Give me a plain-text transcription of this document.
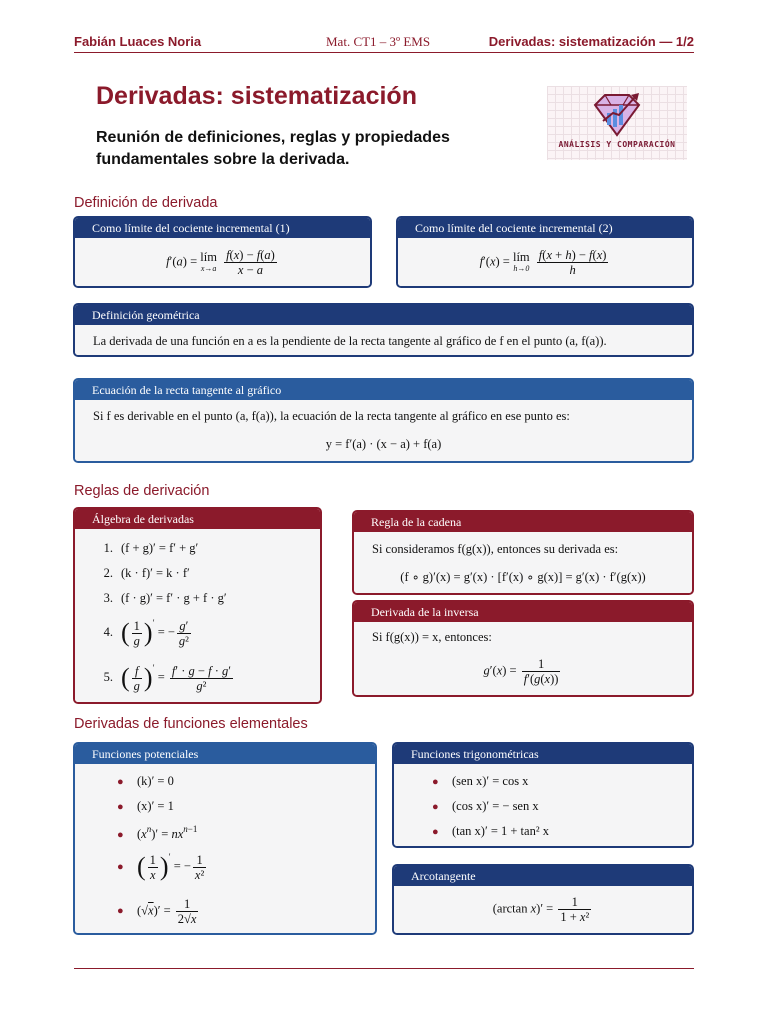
Fabián Luaces Noria	Mat. CT1 – 3º EMS	Derivadas: sistematización — 1/2
Derivadas: sistematización
Reunión de definiciones, reglas y propiedades fundamentales sobre la derivada.
ANÁLISIS Y COMPARACIÓN
Definición de derivada
Como límite del cociente incremental (1)
f′(a) = lím
x→a
$\frac{f(x) - f(a)}{x - a}$
Como límite del cociente incremental (2)
f′(x) = lím
h→0
$\frac{f(x + h) - f(x)}{h}$
Definición geométrica
La derivada de una función en a es la pendiente de la recta tangente al gráfico de f en el punto (a, f(a)).
Ecuación de la recta tangente al gráfico
Si f es derivable en el punto (a, f(a)), la ecuación de la recta tangente al gráfico en ese punto es:
y = f′(a) · (x − a) + f(a)
Reglas de derivación
Álgebra de derivadas
1. (f + g)′ = f′ + g′
2. (k · f)′ = k · f′
3. (f · g)′ = f′ · g + f · g′
4. ( $\frac{1}{g} )'$ = − $\frac{g'}{\text{g²}}$
5. ( $\frac{f}{g} )' = \frac{f' \cdot g - f \cdot g'}{\text{g²}}$
Regla de la cadena
Si consideramos f(g(x)), entonces su derivada es:
(f ∘ g)′(x) = g′(x) · [f′(x) ∘ g(x)] = g′(x) · f′(g(x))
Derivada de la inversa
Si f(g(x)) = x, entonces:
$g'(x) = \frac{1}{f'(g(x))}$
Derivadas de funciones elementales
Funciones potenciales
● (k)′ = 0
● (x)′ = 1
● $(x^n)' = nx^{n-1}$
● ( $\frac{1}{x} )'$ = − $\frac{1}{\text{x²}}$
● $(√x)' = \frac{1}{2√x}$
Funciones trigonométricas
● (sen x)′ = cos x
● (cos x)′ = − sen x
● (tan x)′ = 1 + tan² x
Arcotangente
(arctan $x)' = \frac{1}{\text{1 + x²}}$
